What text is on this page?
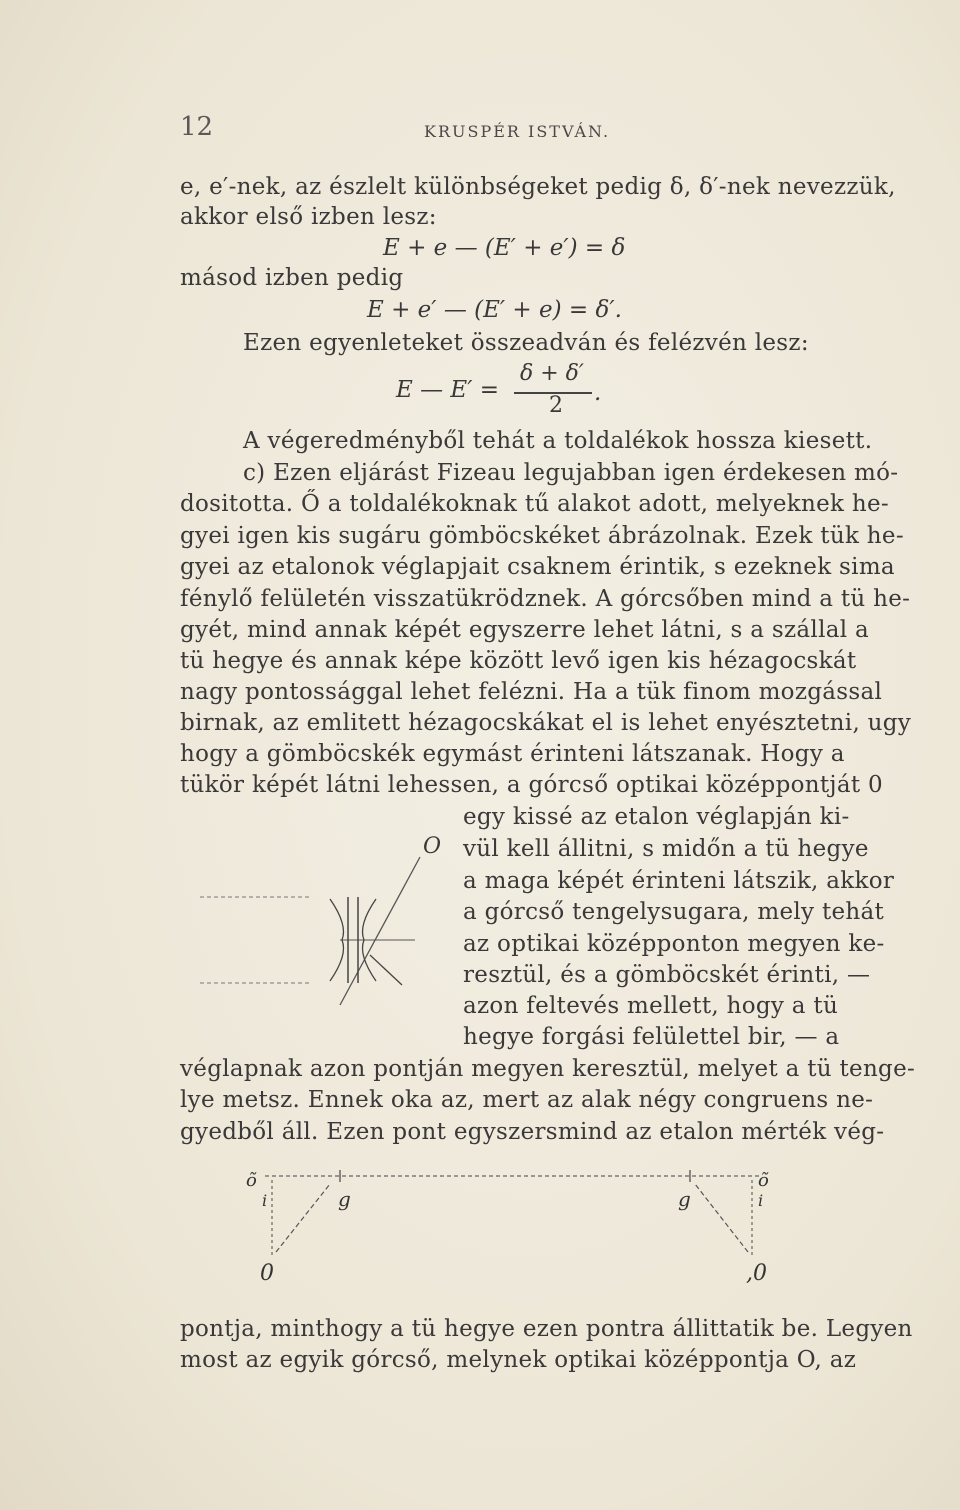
12	KRUSPÉR ISTVÁN.
e, e′-nek, az észlelt különbségeket pedig δ, δ′-nek nevezzük,
akkor első izben lesz:
E + e — (E′ + e′) = δ
másod izben pedig
E + e′ — (E′ + e) = δ′.
Ezen egyenleteket összeadván és felézvén lesz:
E — E′ =
δ + δ′
2 .
A végeredményből tehát a toldalékok hossza kiesett.
c) Ezen eljárást Fizeau legujabban igen érdekesen mó-
dositotta. Ő a toldalékoknak tű alakot adott, melyeknek he-
gyei igen kis sugáru gömböcskéket ábrázolnak. Ezek tük he-
gyei az etalonok véglapjait csaknem érintik, s ezeknek sima
fénylő felületén visszatükrödznek. A górcsőben mind a tü he-
gyét, mind annak képét egyszerre lehet látni, s a szállal a
tü hegye és annak képe között levő igen kis hézagocskát
nagy pontossággal lehet felézni. Ha a tük finom mozgással
birnak, az emlitett hézagocskákat el is lehet enyésztetni, ugy
hogy a gömböcskék egymást érinteni látszanak. Hogy a
tükör képét látni lehessen, a górcső optikai középpontját 0
egy kissé az etalon véglapján ki-
vül kell állitni, s midőn a tü hegye
a maga képét érinteni látszik, akkor
a górcső tengelysugara, mely tehát
az optikai középponton megyen ke-
resztül, és a gömböcskét érinti, —
azon feltevés mellett, hogy a tü
hegye forgási felülettel bir, — a
véglapnak azon pontján megyen keresztül, melyet a tü tenge-
lye metsz. Ennek oka az, mert az alak négy congruens ne-
gyedből áll. Ezen pont egyszersmind az etalon mérték vég-
O
õ
i	g	g
õ
i
0	,0
pontja, minthogy a tü hegye ezen pontra állittatik be. Legyen
most az egyik górcső, melynek optikai középpontja O, az
